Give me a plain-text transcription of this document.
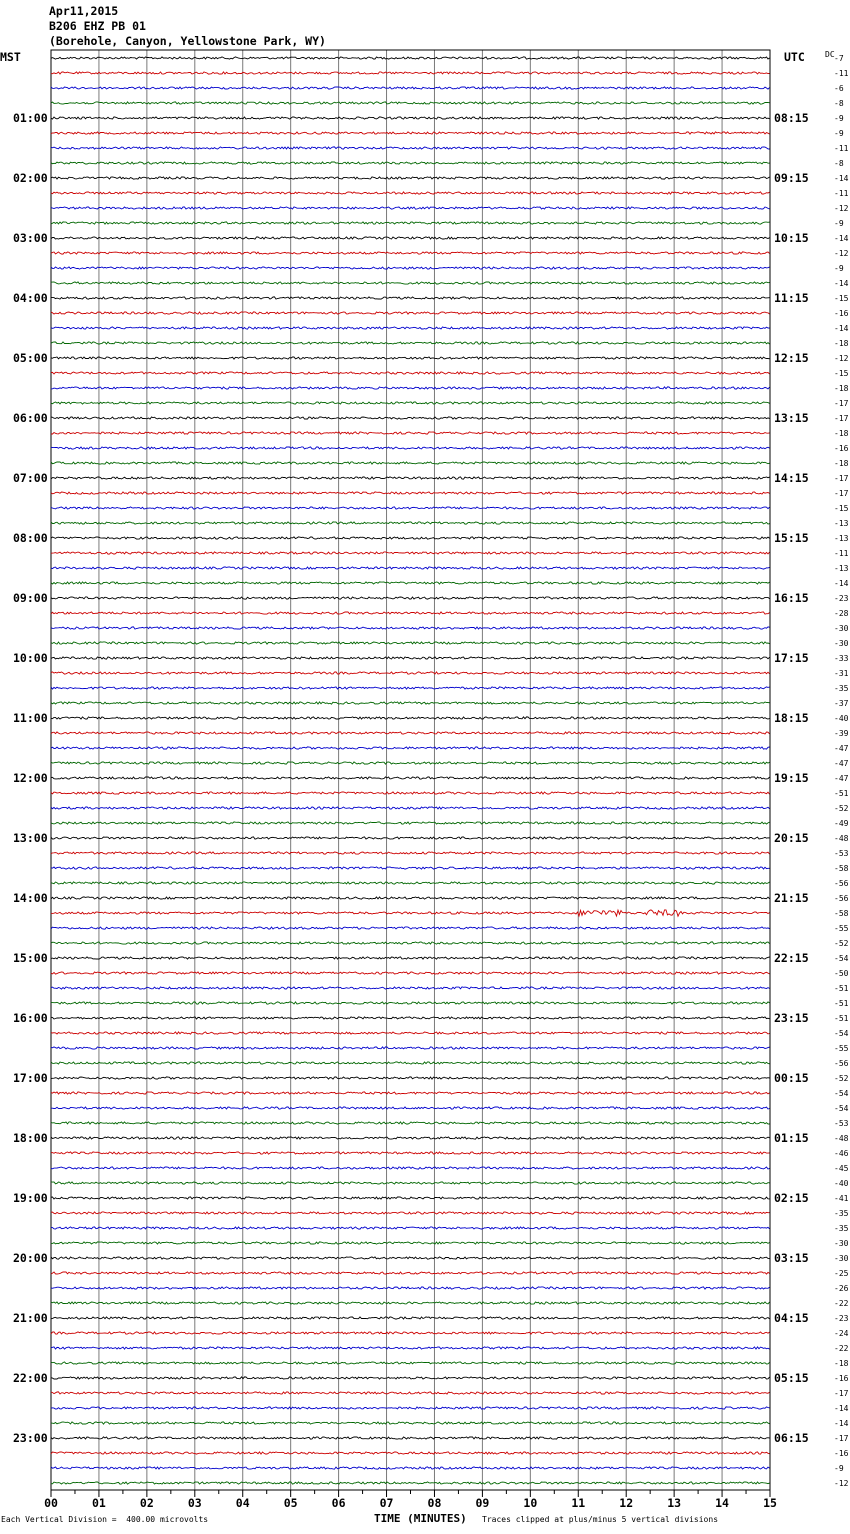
Apr11,2015
B206 EHZ PB 01
(Borehole, Canyon, Yellowstone Park, WY)
-7
-11
-6
-8
-9
-9
-11
-8
01:00	08:15
-14
-11
-12
-9
02:00	09:15
-14
-12
-9
-14
03:00	10:15
-15
-16
-14
-18
04:00	11:15
-12
-15
-18
-17
05:00	12:15
-17
-18
-16
-18
06:00	13:15
-17
-17
-15
-13
07:00	14:15
-13
-11
-13
-14
08:00	15:15
-23
-28
-30
-30
09:00	16:15
-33
-31
-35
-37
10:00	17:15
-40
-39
-47
-47
11:00	18:15
-47
-51
-52
-49
12:00	19:15
-48
-53
-58
-56
13:00	20:15
-56
-58
-55
-52
14:00	21:15
-54
-50
-51
-51
15:00	22:15
-51
-54
-55
-56
16:00	23:15
-52
-54
-54
-53
17:00	00:15
-48
-46
-45
-40
18:00	01:15
-41
-35
-35
-30
19:00	02:15
-30
-25
-26
-22
20:00	03:15
-23
-24
-22
-18
21:00	04:15
-16
-17
-14
-14
22:00	05:15
-17
-16
-9
-12
23:00	06:15
MST	UTC	DC
00	01	02	03	04	05	06	07	08	09	10	11	12	13	14	15
Each Vertical Division =  400.00 microvolts	TIME (MINUTES) Traces clipped at plus/minus 5 vertical divisions
